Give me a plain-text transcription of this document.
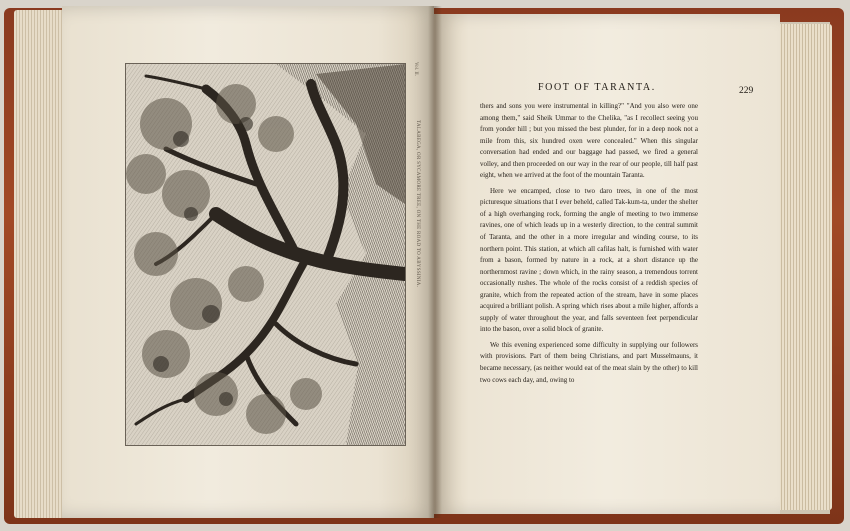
TALABEGA, OR SYCAMORE TREE, ON THE ROAD TO ABYSSINIA.
Vol. II.
FOOT OF TARANTA.	229

thers and sons you were instrumental in killing?" "And you also were one among them," said Sheik Ummar to the Chelika, "as I recollect seeing you from yonder hill ; but you missed the best plunder, for in a deep nook not a mile from this, six hundred oxen were concealed." When this singular conversation had ended and our baggage had passed, we fired a general volley, and then proceeded on our way in the rear of our people, till half past eight, when we arrived at the foot of the mountain Taranta.

Here we encamped, close to two daro trees, in one of the most picturesque situations that I ever beheld, called Tak-kum-ta, under the shelter of a high overhanging rock, forming the angle of meeting to two immense ravines, one of which leads up in a westerly direction, to the central summit of Taranta, and the other in a more irregular and winding course, to its northern point. This station, at which all cafilas halt, is furnished with water from a bason, formed by nature in a rock, at a short distance up the northernmost ravine ; down which, in the rainy season, a tremendous torrent occasionally rushes. The whole of the rocks consist of a reddish species of granite, which from the repeated action of the stream, have in some places acquired a brilliant polish. A spring which rises about a mile higher, affords a supply of water throughout the year, and falls seventeen feet perpendicular into the bason, over a solid block of granite.

We this evening experienced some difficulty in supplying our followers with provisions. Part of them being Christians, and part Musselmauns, it became necessary, (as neither would eat of the meat slain by the other) to kill two cows each day, and, owing to
